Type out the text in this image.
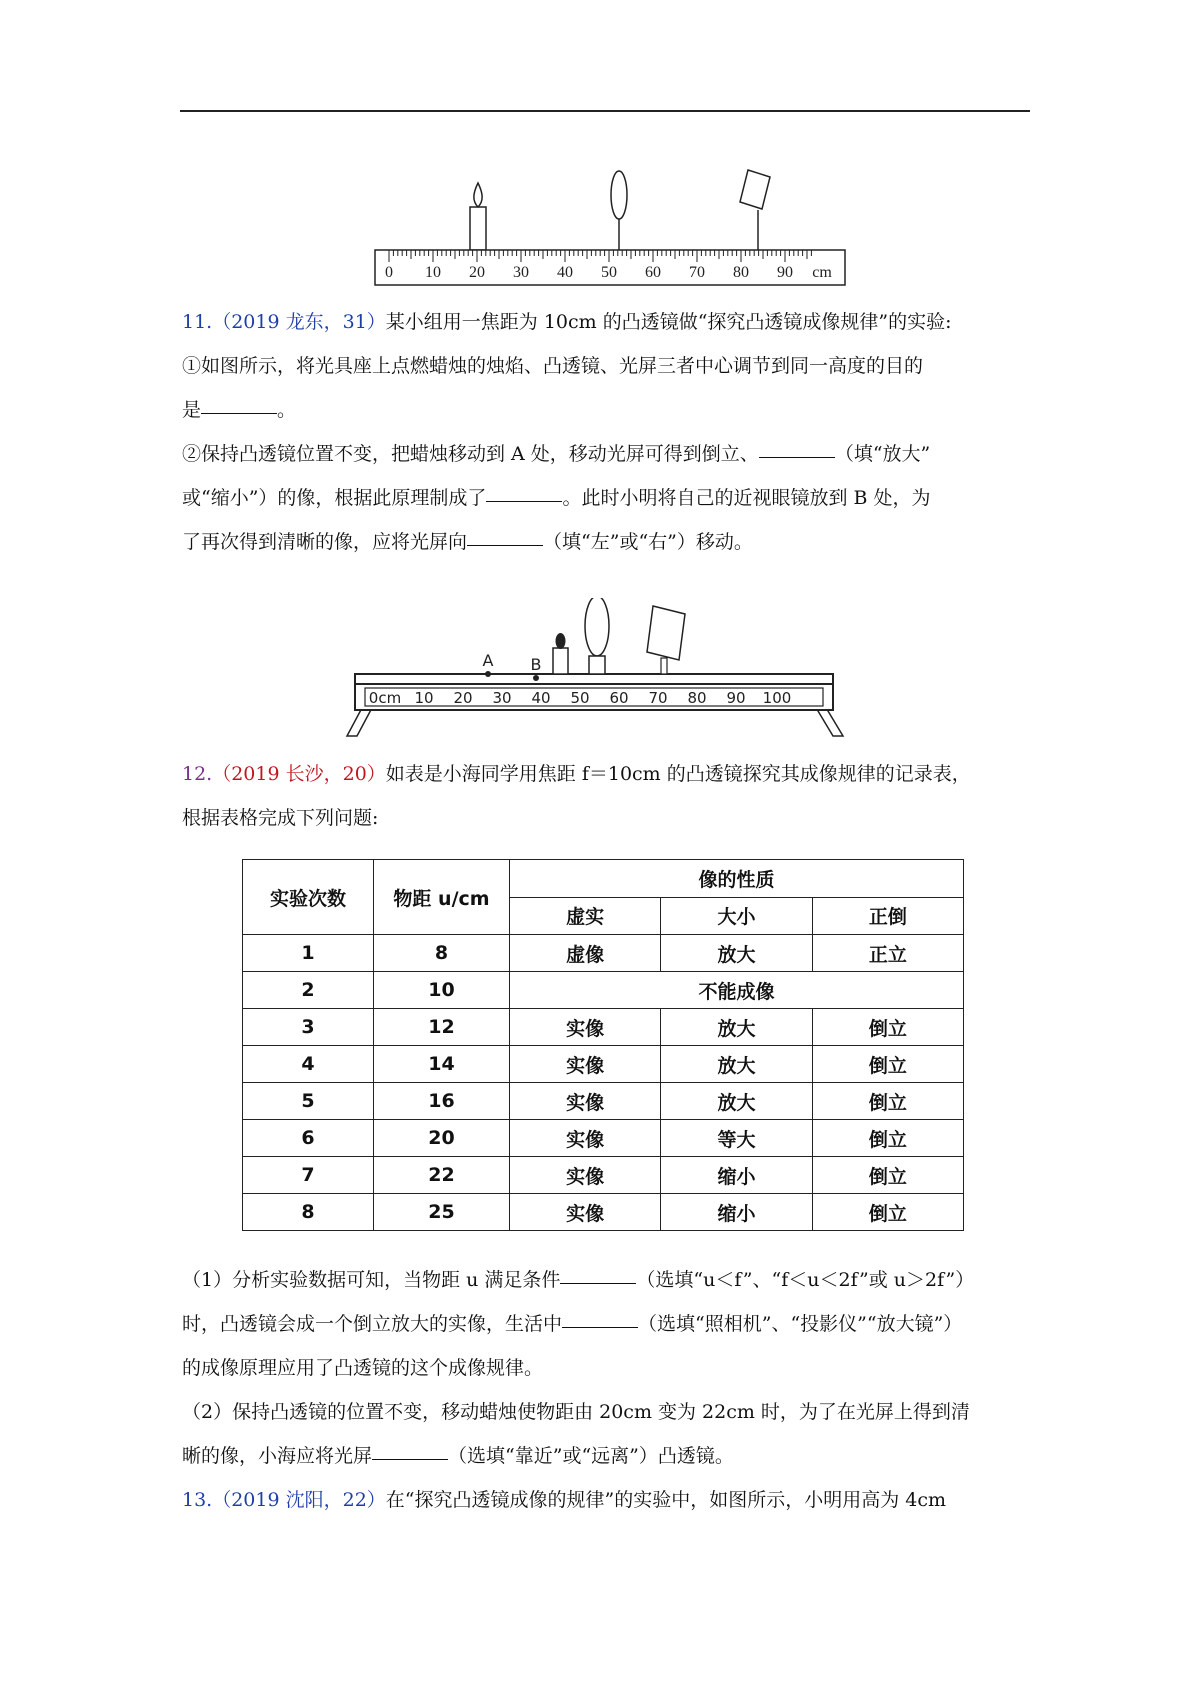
0 10 20 30 40 50 60 70 80 90 cm

11.（2019 龙东，31）某小组用一焦距为 10cm 的凸透镜做“探究凸透镜成像规律”的实验:

①如图所示，将光具座上点燃蜡烛的烛焰、凸透镜、光屏三者中心调节到同一高度的目的

是	。

②保持凸透镜位置不变，把蜡烛移动到 A 处，移动光屏可得到倒立、	（填“放大”

或“缩小”）的像，根据此原理制成了	。此时小明将自己的近视眼镜放到 B 处，为

了再次得到清晰的像，应将光屏向	（填“左”或“右”）移动。

A B
0cm 10 20 30 40 50 60 70 80 90 100

12.（2019 长沙，20）如表是小海同学用焦距 f＝10cm 的凸透镜探究其成像规律的记录表，

根据表格完成下列问题:

实验次数	物距 u/cm	像的性质		
		虚实	大小	正倒
1	8	虚像	放大	正立
2	10	不能成像		
3	12	实像	放大	倒立
4	14	实像	放大	倒立
5	16	实像	放大	倒立
6	20	实像	等大	倒立
7	22	实像	缩小	倒立
8	25	实像	缩小	倒立

（1）分析实验数据可知，当物距 u 满足条件	（选填“u＜f”、“f＜u＜2f”或 u＞2f”）

时，凸透镜会成一个倒立放大的实像，生活中	（选填“照相机”、“投影仪”“放大镜”）

的成像原理应用了凸透镜的这个成像规律。

（2）保持凸透镜的位置不变，移动蜡烛使物距由 20cm 变为 22cm 时，为了在光屏上得到清

晰的像，小海应将光屏	（选填“靠近”或“远离”）凸透镜。

13.（2019 沈阳，22）在“探究凸透镜成像的规律”的实验中，如图所示，小明用高为 4cm
